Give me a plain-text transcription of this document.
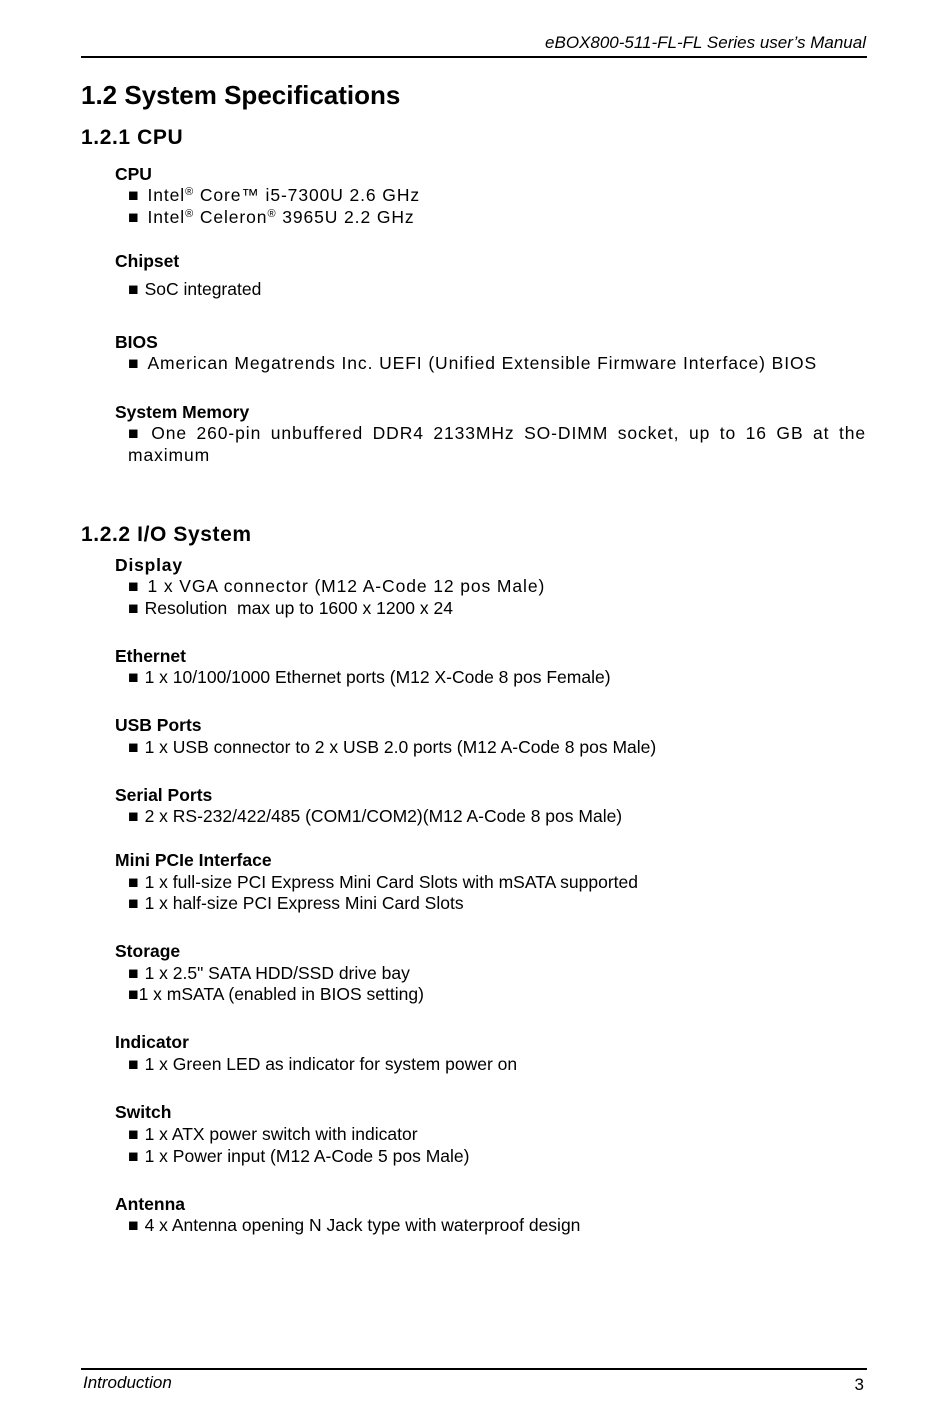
eBOX800-511-FL-FL Series user’s Manual
1.2 System Specifications
1.2.1 CPU
CPU
■ Intel® Core™ i5-7300U 2.6 GHz
■ Intel® Celeron® 3965U 2.2 GHz
Chipset
■ SoC integrated
BIOS
■ American Megatrends Inc. UEFI (Unified Extensible Firmware Interface) BIOS
System Memory
■ One 260-pin unbuffered DDR4 2133MHz SO-DIMM socket, up to 16 GB at the maximum
1.2.2 I/O System
Display
■ 1 x VGA connector (M12 A-Code 12 pos Male)
■ Resolution  max up to 1600 x 1200 x 24
Ethernet
■ 1 x 10/100/1000 Ethernet ports (M12 X-Code 8 pos Female)
USB Ports
■ 1 x USB connector to 2 x USB 2.0 ports (M12 A-Code 8 pos Male)
Serial Ports
■ 2 x RS-232/422/485 (COM1/COM2)(M12 A-Code 8 pos Male)
Mini PCIe Interface
■ 1 x full-size PCI Express Mini Card Slots with mSATA supported
■ 1 x half-size PCI Express Mini Card Slots
Storage
■ 1 x 2.5" SATA HDD/SSD drive bay
■1 x mSATA (enabled in BIOS setting)
Indicator
■ 1 x Green LED as indicator for system power on
Switch
■ 1 x ATX power switch with indicator
■ 1 x Power input (M12 A-Code 5 pos Male)
Antenna
■ 4 x Antenna opening N Jack type with waterproof design
Introduction	3
